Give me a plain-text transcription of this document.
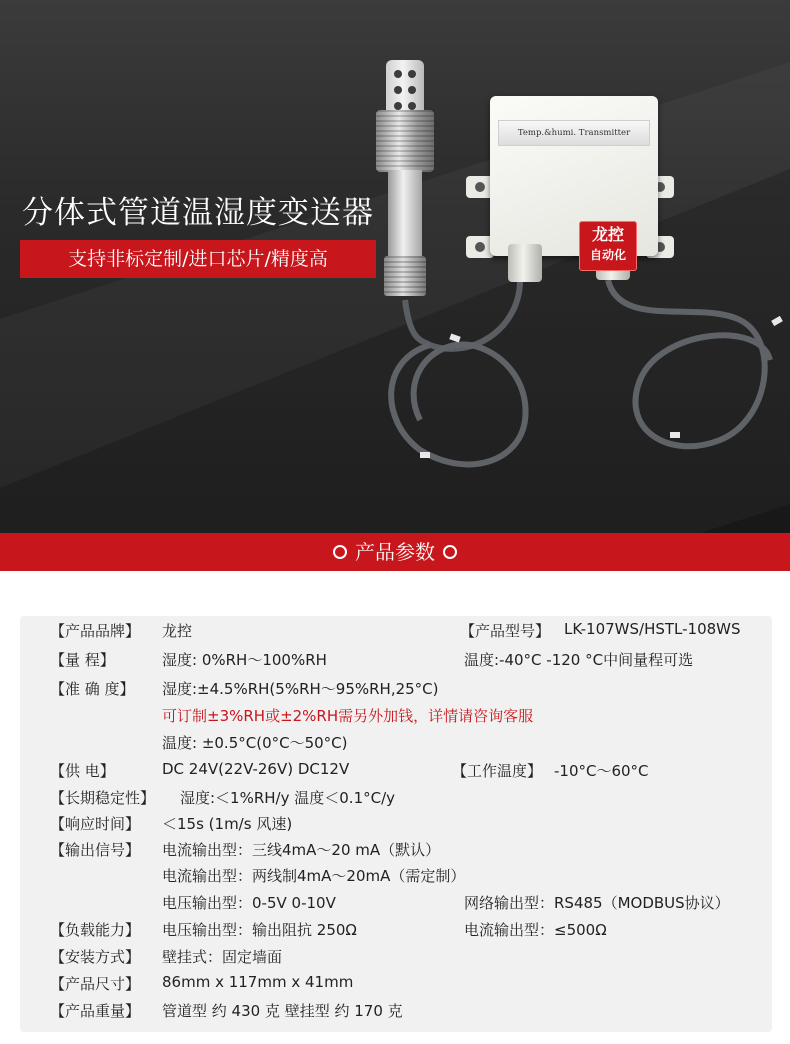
Temp.&humi. Transmitter
龙控
自动化
分体式管道温湿度变送器
支持非标定制/进口芯片/精度高
产品参数
【产品品牌】 龙控	【产品型号】 LK-107WS/HSTL-108WS
【量 程】	湿度: 0%RH～100%RH	温度:-40°C -120 °C中间量程可选
【准 确 度】 湿度:±4.5%RH(5%RH～95%RH,25°C)
可订制±3%RH或±2%RH需另外加钱，详情请咨询客服
温度: ±0.5°C(0°C～50°C)
【供 电】	DC 24V(22V-26V) DC12V	【工作温度】 -10°C～60°C
【长期稳定性】 湿度:＜1%RH/y 温度＜0.1°C/y
【响应时间】 ＜15s (1m/s 风速)
【输出信号】 电流输出型：三线4mA～20 mA（默认）
电流输出型：两线制4mA～20mA（需定制）
电压输出型：0-5V 0-10V	网络输出型：RS485（MODBUS协议）
【负载能力】 电压输出型：输出阻抗 250Ω	电流输出型：≤500Ω
【安装方式】 壁挂式：固定墙面
【产品尺寸】 86mm x 117mm x 41mm
【产品重量】 管道型 约 430 克 壁挂型 约 170 克
